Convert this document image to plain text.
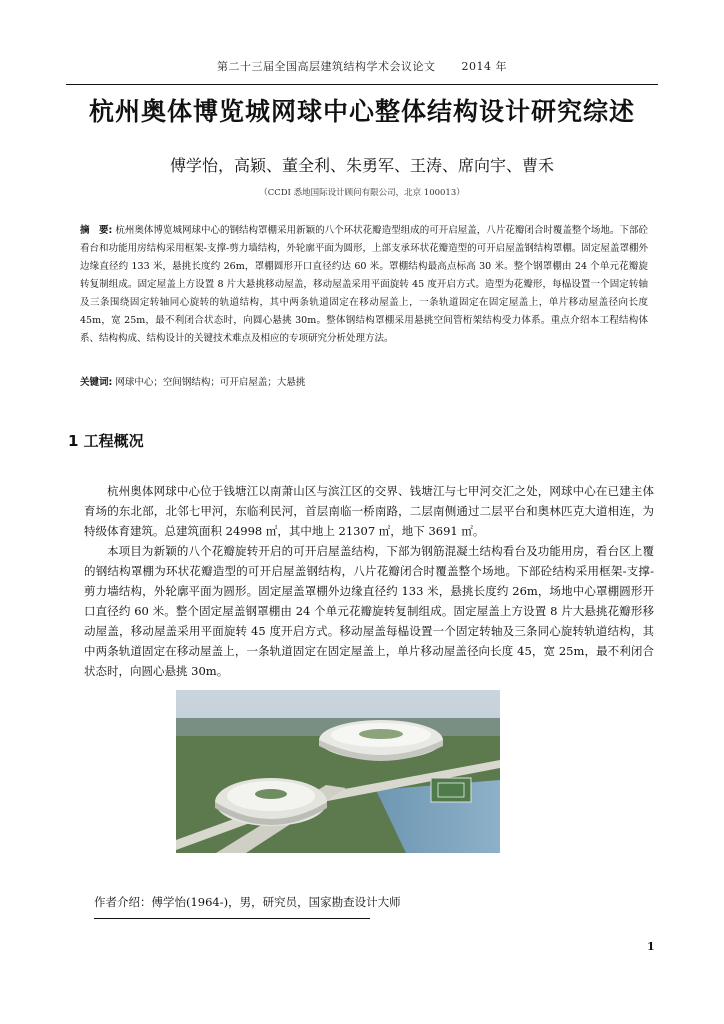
第二十三届全国高层建筑结构学术会议论文 2014 年
杭州奥体博览城网球中心整体结构设计研究综述
傅学怡，高颖、董全利、朱勇军、王涛、席向宇、曹禾
（CCDI 悉地国际设计顾问有限公司，北京 100013）
摘　要: 杭州奥体博览城网球中心的钢结构罩棚采用新颖的八个环状花瓣造型组成的可开启屋盖，八片花瓣闭合时覆盖整个场地。下部砼看台和功能用房结构采用框架-支撑-剪力墙结构，外轮廓平面为圆形，上部支承环状花瓣造型的可开启屋盖钢结构罩棚。固定屋盖罩棚外边缘直径约 133 米，悬挑长度约 26m，罩棚圆形开口直径约达 60 米。罩棚结构最高点标高 30 米。整个钢罩棚由 24 个单元花瓣旋转复制组成。固定屋盖上方设置 8 片大悬挑移动屋盖，移动屋盖采用平面旋转 45 度开启方式。造型为花瓣形，每榀设置一个固定转轴及三条围绕固定转轴同心旋转的轨道结构，其中两条轨道固定在移动屋盖上，一条轨道固定在固定屋盖上，单片移动屋盖径向长度 45m，宽 25m，最不利闭合状态时，向圆心悬挑 30m。整体钢结构罩棚采用悬挑空间管桁架结构受力体系。重点介绍本工程结构体系、结构构成、结构设计的关键技术难点及相应的专项研究分析处理方法。
关键词: 网球中心；空间钢结构；可开启屋盖；大悬挑
1 工程概况

杭州奥体网球中心位于钱塘江以南萧山区与滨江区的交界、钱塘江与七甲河交汇之处，网球中心在已建主体育场的东北部，北邻七甲河，东临利民河，首层南临一桥南路，二层南侧通过二层平台和奥林匹克大道相连，为特级体育建筑。总建筑面积 24998 ㎡，其中地上 21307 ㎡，地下 3691 ㎡。

本项目为新颖的八个花瓣旋转开启的可开启屋盖结构，下部为钢筋混凝土结构看台及功能用房，看台区上覆的钢结构罩棚为环状花瓣造型的可开启屋盖钢结构，八片花瓣闭合时覆盖整个场地。下部砼结构采用框架-支撑-剪力墙结构，外轮廓平面为圆形。固定屋盖罩棚外边缘直径约 133 米，悬挑长度约 26m，场地中心罩棚圆形开口直径约 60 米。整个固定屋盖钢罩棚由 24 个单元花瓣旋转复制组成。固定屋盖上方设置 8 片大悬挑花瓣形移动屋盖，移动屋盖采用平面旋转 45 度开启方式。移动屋盖每榀设置一个固定转轴及三条同心旋转轨道结构，其中两条轨道固定在移动屋盖上，一条轨道固定在固定屋盖上，单片移动屋盖径向长度 45，宽 25m，最不利闭合状态时，向圆心悬挑 30m。

作者介绍：傅学怡(1964-)，男，研究员，国家勘查设计大师
1
